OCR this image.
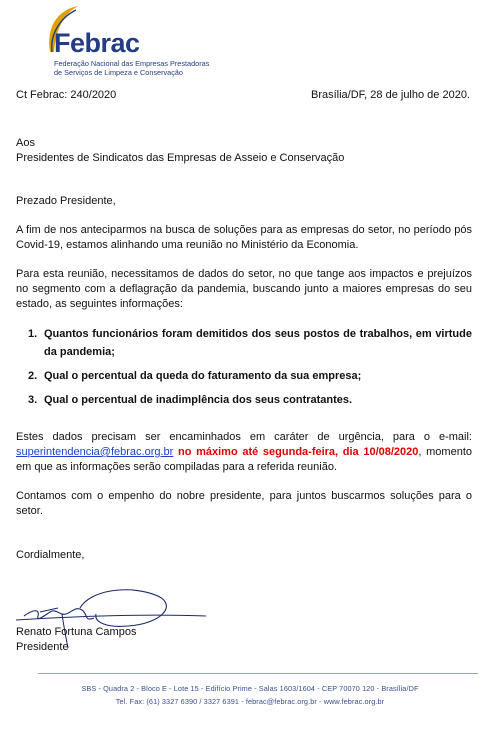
Febrac
Federação Nacional das Empresas Prestadoras
de Serviços de Limpeza e Conservação
Ct Febrac: 240/2020	Brasília/DF, 28 de julho de 2020.
Aos
Presidentes de Sindicatos das Empresas de Asseio e Conservação
Prezado Presidente,
A fim de nos anteciparmos na busca de soluções para as empresas do setor, no período pós Covid-19, estamos alinhando uma reunião no Ministério da Economia.
Para esta reunião, necessitamos de dados do setor, no que tange aos impactos e prejuízos no segmento com a deflagração da pandemia, buscando junto a maiores empresas do seu estado, as seguintes informações:
1. Quantos funcionários foram demitidos dos seus postos de trabalhos, em virtude da pandemia;
2. Qual o percentual da queda do faturamento da sua empresa;
3. Qual o percentual de inadimplência dos seus contratantes.
Estes dados precisam ser encaminhados em caráter de urgência, para o e-mail: superintendencia@febrac.org.br no máximo até segunda-feira, dia 10/08/2020, momento em que as informações serão compiladas para a referida reunião.
Contamos com o empenho do nobre presidente, para juntos buscarmos soluções para o setor.
Cordialmente,
Renato Fortuna Campos
Presidente
SBS - Quadra 2 - Bloco E - Lote 15 - Edifício Prime - Salas 1603/1604 - CEP 70070 120 - Brasília/DF
Tel. Fax: (61) 3327 6390 / 3327 6391 - febrac@febrac.org.br - www.febrac.org.br
